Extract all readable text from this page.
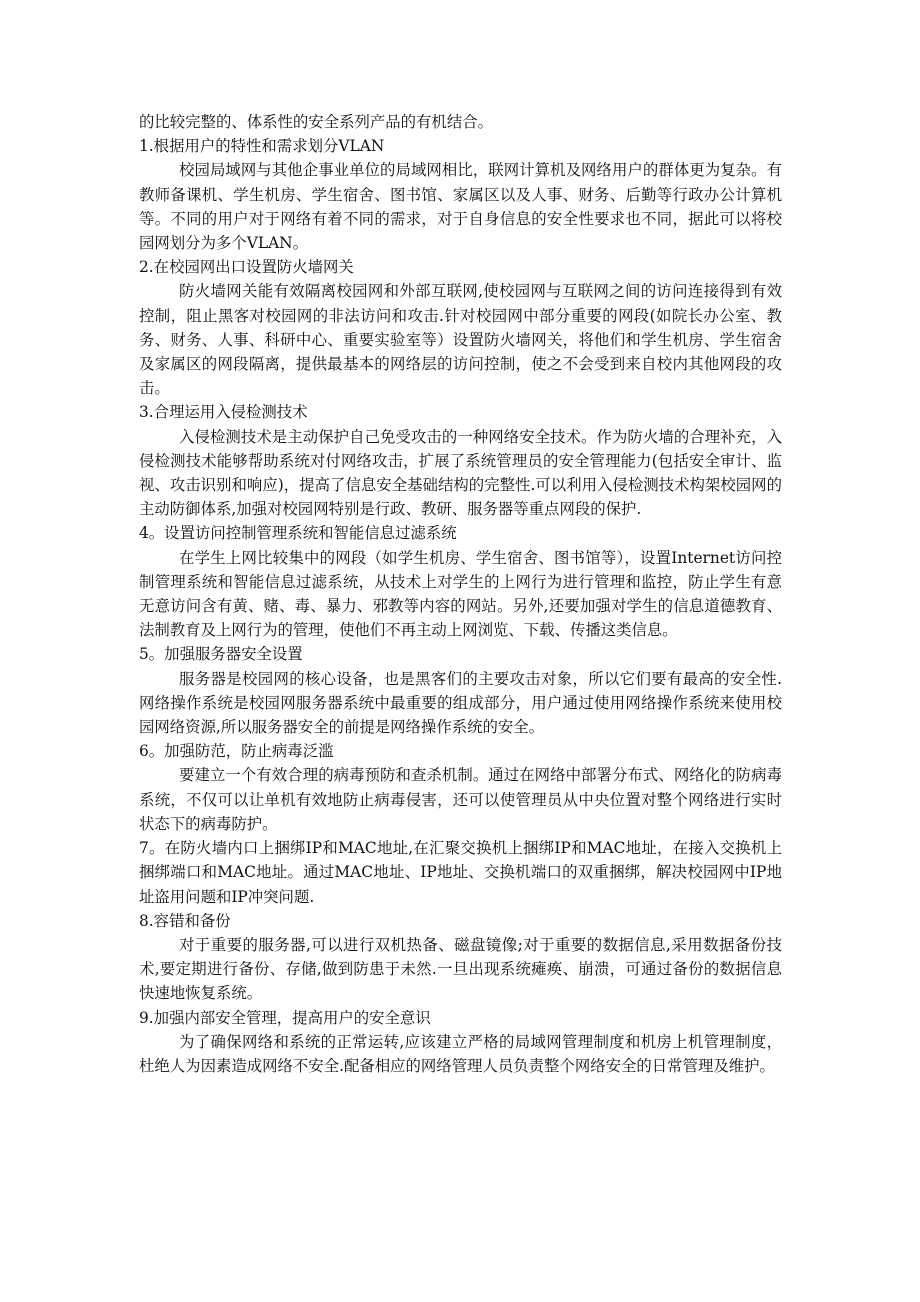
的比较完整的、体系性的安全系列产品的有机结合。

1.根据用户的特性和需求划分VLAN

校园局域网与其他企事业单位的局域网相比，联网计算机及网络用户的群体更为复杂。有教师备课机、学生机房、学生宿舍、图书馆、家属区以及人事、财务、后勤等行政办公计算机等。不同的用户对于网络有着不同的需求，对于自身信息的安全性要求也不同，据此可以将校园网划分为多个VLAN。

2.在校园网出口设置防火墙网关

防火墙网关能有效隔离校园网和外部互联网,使校园网与互联网之间的访问连接得到有效控制，阻止黑客对校园网的非法访问和攻击.针对校园网中部分重要的网段(如院长办公室、教务、财务、人事、科研中心、重要实验室等）设置防火墙网关，将他们和学生机房、学生宿舍及家属区的网段隔离，提供最基本的网络层的访问控制，使之不会受到来自校内其他网段的攻击。

3.合理运用入侵检测技术

入侵检测技术是主动保护自己免受攻击的一种网络安全技术。作为防火墙的合理补充，入侵检测技术能够帮助系统对付网络攻击，扩展了系统管理员的安全管理能力(包括安全审计、监视、攻击识别和响应)，提高了信息安全基础结构的完整性.可以利用入侵检测技术构架校园网的主动防御体系,加强对校园网特别是行政、教研、服务器等重点网段的保护.

4。设置访问控制管理系统和智能信息过滤系统

在学生上网比较集中的网段（如学生机房、学生宿舍、图书馆等），设置Internet访问控制管理系统和智能信息过滤系统，从技术上对学生的上网行为进行管理和监控，防止学生有意无意访问含有黄、赌、毒、暴力、邪教等内容的网站。另外,还要加强对学生的信息道德教育、法制教育及上网行为的管理，使他们不再主动上网浏览、下载、传播这类信息。

5。加强服务器安全设置

服务器是校园网的核心设备，也是黑客们的主要攻击对象，所以它们要有最高的安全性.网络操作系统是校园网服务器系统中最重要的组成部分，用户通过使用网络操作系统来使用校园网络资源,所以服务器安全的前提是网络操作系统的安全。

6。加强防范，防止病毒泛滥

要建立一个有效合理的病毒预防和查杀机制。通过在网络中部署分布式、网络化的防病毒系统，不仅可以让单机有效地防止病毒侵害，还可以使管理员从中央位置对整个网络进行实时状态下的病毒防护。

7。在防火墙内口上捆绑IP和MAC地址,在汇聚交换机上捆绑IP和MAC地址，在接入交换机上捆绑端口和MAC地址。通过MAC地址、IP地址、交换机端口的双重捆绑，解决校园网中IP地址盗用问题和IP冲突问题.

8.容错和备份

对于重要的服务器,可以进行双机热备、磁盘镜像;对于重要的数据信息,采用数据备份技术,要定期进行备份、存储,做到防患于未然.一旦出现系统瘫痪、崩溃，可通过备份的数据信息快速地恢复系统。

9.加强内部安全管理，提高用户的安全意识

为了确保网络和系统的正常运转,应该建立严格的局域网管理制度和机房上机管理制度，杜绝人为因素造成网络不安全.配备相应的网络管理人员负责整个网络安全的日常管理及维护。
